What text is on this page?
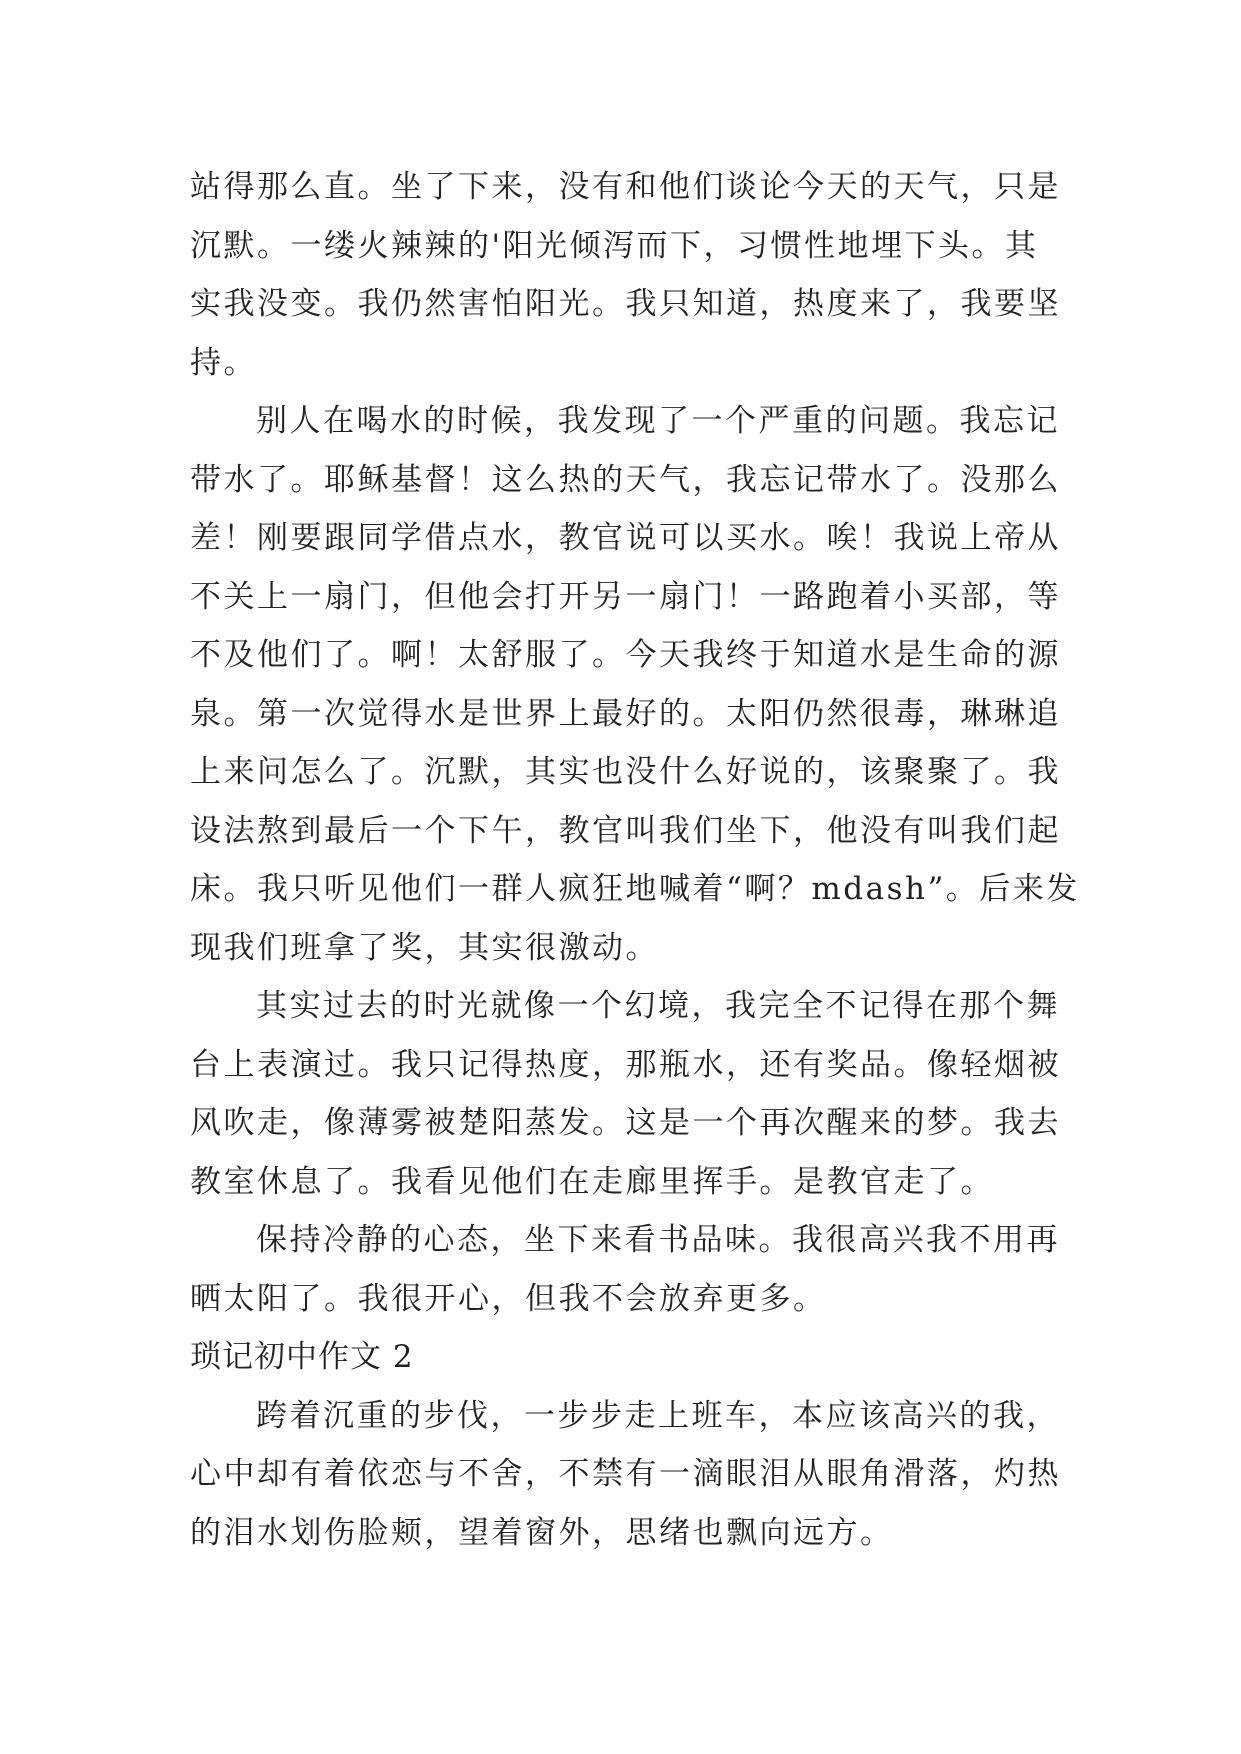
站得那么直。坐了下来，没有和他们谈论今天的天气，只是
沉默。一缕火辣辣的'阳光倾泻而下，习惯性地埋下头。其
实我没变。我仍然害怕阳光。我只知道，热度来了，我要坚
持。
别人在喝水的时候，我发现了一个严重的问题。我忘记
带水了。耶稣基督！这么热的天气，我忘记带水了。没那么
差！刚要跟同学借点水，教官说可以买水。唉！我说上帝从
不关上一扇门，但他会打开另一扇门！一路跑着小买部，等
不及他们了。啊！太舒服了。今天我终于知道水是生命的源
泉。第一次觉得水是世界上最好的。太阳仍然很毒，琳琳追
上来问怎么了。沉默，其实也没什么好说的，该聚聚了。我
设法熬到最后一个下午，教官叫我们坐下，他没有叫我们起
床。我只听见他们一群人疯狂地喊着“啊？mdash”。后来发
现我们班拿了奖，其实很激动。
其实过去的时光就像一个幻境，我完全不记得在那个舞
台上表演过。我只记得热度，那瓶水，还有奖品。像轻烟被
风吹走，像薄雾被楚阳蒸发。这是一个再次醒来的梦。我去
教室休息了。我看见他们在走廊里挥手。是教官走了。
保持冷静的心态，坐下来看书品味。我很高兴我不用再
晒太阳了。我很开心，但我不会放弃更多。
琐记初中作文 2
跨着沉重的步伐，一步步走上班车，本应该高兴的我，
心中却有着依恋与不舍，不禁有一滴眼泪从眼角滑落，灼热
的泪水划伤脸颊，望着窗外，思绪也飘向远方。
